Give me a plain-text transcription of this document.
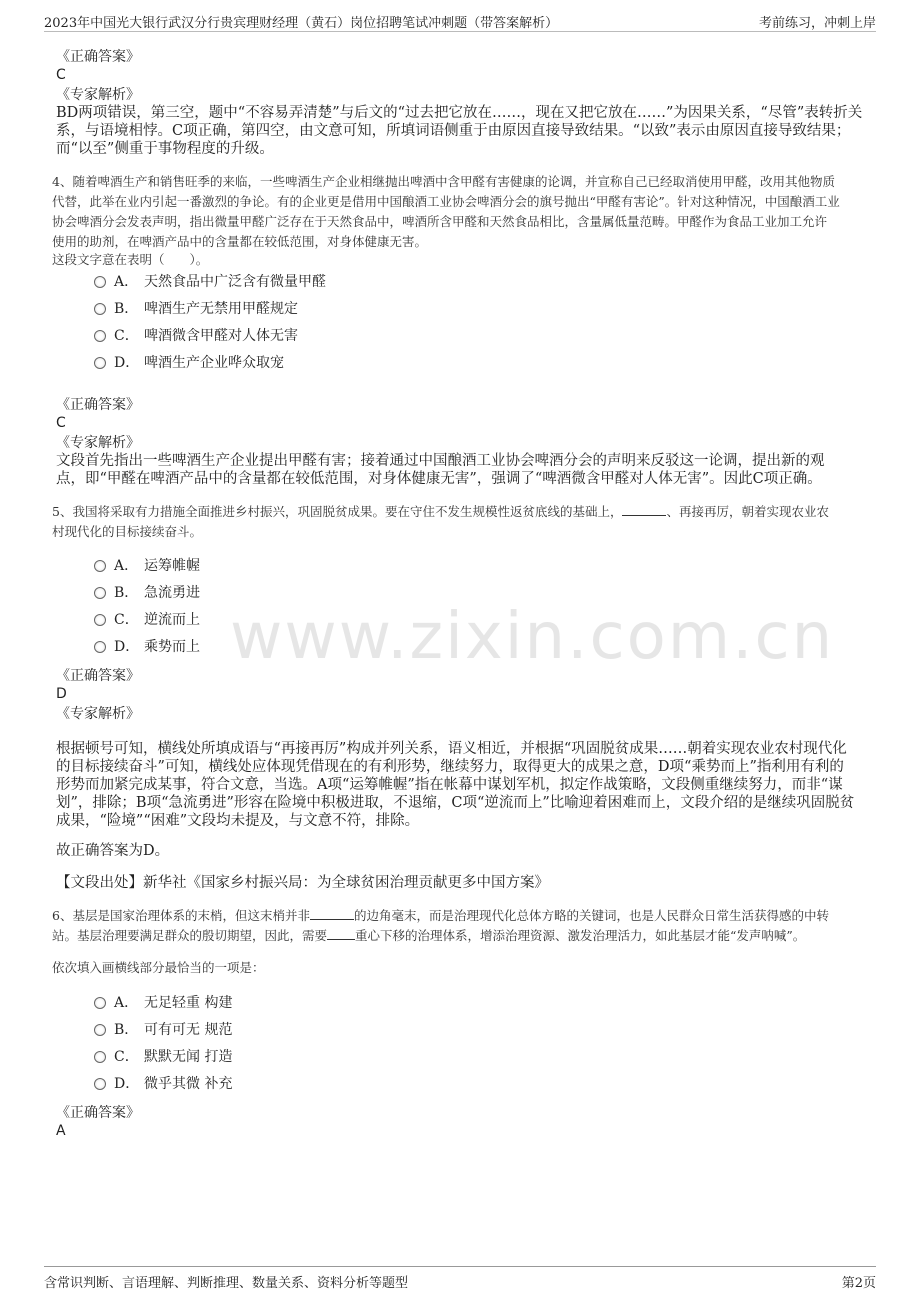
2023年中国光大银行武汉分行贵宾理财经理（黄石）岗位招聘笔试冲刺题（带答案解析）	考前练习，冲刺上岸
www.zixin.com.cn
《正确答案》
C
《专家解析》
BD两项错误，第三空，题中“不容易弄清楚”与后文的“过去把它放在……，现在又把它放在……”为因果关系，“尽管”表转折关
系，与语境相悖。C项正确，第四空，由文意可知，所填词语侧重于由原因直接导致结果。“以致”表示由原因直接导致结果；
而“以至”侧重于事物程度的升级。
4、随着啤酒生产和销售旺季的来临，一些啤酒生产企业相继抛出啤酒中含甲醛有害健康的论调，并宣称自己已经取消使用甲醛，改用其他物质
代替，此举在业内引起一番激烈的争论。有的企业更是借用中国酿酒工业协会啤酒分会的旗号抛出“甲醛有害论”。针对这种情况，中国酿酒工业
协会啤酒分会发表声明，指出微量甲醛广泛存在于天然食品中，啤酒所含甲醛和天然食品相比，含量属低量范畴。甲醛作为食品工业加工允许
使用的助剂，在啤酒产品中的含量都在较低范围，对身体健康无害。
这段文字意在表明（　　）。
A． 天然食品中广泛含有微量甲醛
B． 啤酒生产无禁用甲醛规定
C． 啤酒微含甲醛对人体无害
D． 啤酒生产企业哗众取宠
《正确答案》
C
《专家解析》
文段首先指出一些啤酒生产企业提出甲醛有害；接着通过中国酿酒工业协会啤酒分会的声明来反驳这一论调，提出新的观
点，即“甲醛在啤酒产品中的含量都在较低范围，对身体健康无害”，强调了“啤酒微含甲醛对人体无害”。因此C项正确。
5、我国将采取有力措施全面推进乡村振兴，巩固脱贫成果。要在守住不发生规模性返贫底线的基础上，	、再接再厉，朝着实现农业农
村现代化的目标接续奋斗。
A． 运筹帷幄
B． 急流勇进
C． 逆流而上
D． 乘势而上
《正确答案》
D
《专家解析》
根据顿号可知，横线处所填成语与“再接再厉”构成并列关系，语义相近，并根据“巩固脱贫成果……朝着实现农业农村现代化
的目标接续奋斗”可知，横线处应体现凭借现在的有利形势，继续努力，取得更大的成果之意，D项“乘势而上”指利用有利的
形势而加紧完成某事，符合文意，当选。A项“运筹帷幄”指在帐幕中谋划军机，拟定作战策略，文段侧重继续努力，而非“谋
划”，排除；B项“急流勇进”形容在险境中积极进取，不退缩，C项“逆流而上”比喻迎着困难而上，文段介绍的是继续巩固脱贫
成果，“险境”“困难”文段均未提及，与文意不符，排除。
故正确答案为D。
【文段出处】新华社《国家乡村振兴局：为全球贫困治理贡献更多中国方案》
6、基层是国家治理体系的末梢，但这末梢并非	的边角毫末，而是治理现代化总体方略的关键词，也是人民群众日常生活获得感的中转
站。基层治理要满足群众的殷切期望，因此，需要 重心下移的治理体系，增添治理资源、激发治理活力，如此基层才能“发声呐喊”。
依次填入画横线部分最恰当的一项是：
A． 无足轻重 构建
B． 可有可无 规范
C． 默默无闻 打造
D． 微乎其微 补充
《正确答案》
A
含常识判断、言语理解、判断推理、数量关系、资料分析等题型	第2页
